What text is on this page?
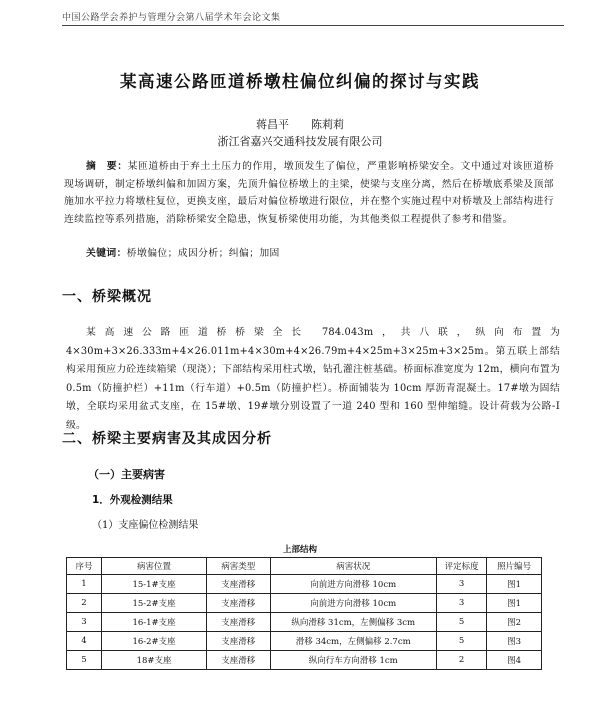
中国公路学会养护与管理分会第八届学术年会论文集
某高速公路匝道桥墩柱偏位纠偏的探讨与实践
蒋昌平　　陈莉莉
浙江省嘉兴交通科技发展有限公司
摘　要：某匝道桥由于弃土土压力的作用，墩顶发生了偏位，严重影响桥梁安全。文中通过对该匝道桥现场调研，制定桥墩纠偏和加固方案，先顶升偏位桥墩上的主梁，使梁与支座分离，然后在桥墩底系梁及顶部施加水平拉力将墩柱复位，更换支座，最后对偏位桥墩进行限位，并在整个实施过程中对桥墩及上部结构进行连续监控等系列措施，消除桥梁安全隐患，恢复桥梁使用功能，为其他类似工程提供了参考和借鉴。
关键词：桥墩偏位；成因分析；纠偏；加固
一、桥梁概况
某高速公路匝道桥桥梁全长 784.043m，共八联，纵向布置为 4×30m+3×26.333m+4×26.011m+4×30m+4×26.79m+4×25m+3×25m+3×25m。第五联上部结构采用预应力砼连续箱梁（现浇）；下部结构采用柱式墩，钻孔灌注桩基础。桥面标准宽度为 12m，横向布置为 0.5m（防撞护栏）+11m（行车道）+0.5m（防撞护栏）。桥面铺装为 10cm 厚沥青混凝土。17#墩为固结墩，全联均采用盆式支座，在 15#墩、19#墩分别设置了一道 240 型和 160 型伸缩缝。设计荷载为公路-Ⅰ级。
二、桥梁主要病害及其成因分析
（一）主要病害
1．外观检测结果
（1）支座偏位检测结果
上部结构
序号	病害位置	病害类型	病害状况	评定标度	照片编号
1	15-1#支座	支座滑移	向前进方向滑移 10cm	3	图1
2	15-2#支座	支座滑移	向前进方向滑移 10cm	3	图1
3	16-1#支座	支座滑移	纵向滑移 31cm，左侧偏移 3cm	5	图2
4	16-2#支座	支座滑移	滑移 34cm，左侧偏移 2.7cm	5	图3
5	18#支座	支座滑移	纵向行车方向滑移 1cm	2	图4
